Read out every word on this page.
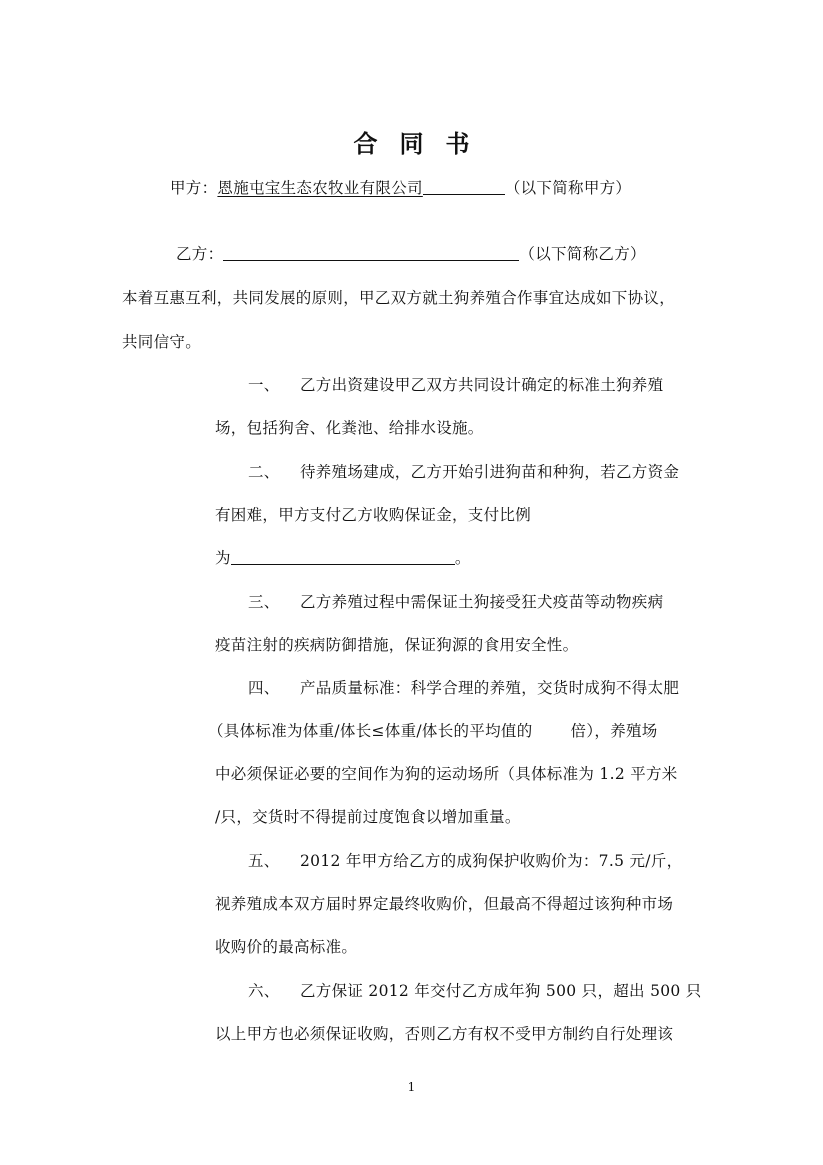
合同书
甲方：恩施屯宝生态农牧业有限公司	（以下简称甲方）
乙方：	（以下简称乙方）
本着互惠互利，共同发展的原则，甲乙双方就土狗养殖合作事宜达成如下协议，
共同信守。
一、 乙方出资建设甲乙双方共同设计确定的标准土狗养殖
场，包括狗舍、化粪池、给排水设施。
二、 待养殖场建成，乙方开始引进狗苗和种狗，若乙方资金
有困难，甲方支付乙方收购保证金，支付比例
为	。
三、 乙方养殖过程中需保证土狗接受狂犬疫苗等动物疾病
疫苗注射的疾病防御措施，保证狗源的食用安全性。
四、 产品质量标准：科学合理的养殖，交货时成狗不得太肥
（具体标准为体重/体长≤体重/体长的平均值的 倍），养殖场
中必须保证必要的空间作为狗的运动场所（具体标准为 1.2 平方米
/只，交货时不得提前过度饱食以增加重量。
五、 2012 年甲方给乙方的成狗保护收购价为：7.5 元/斤，
视养殖成本双方届时界定最终收购价，但最高不得超过该狗种市场
收购价的最高标准。
六、 乙方保证 2012 年交付乙方成年狗 500 只，超出 500 只
以上甲方也必须保证收购，否则乙方有权不受甲方制约自行处理该
1
